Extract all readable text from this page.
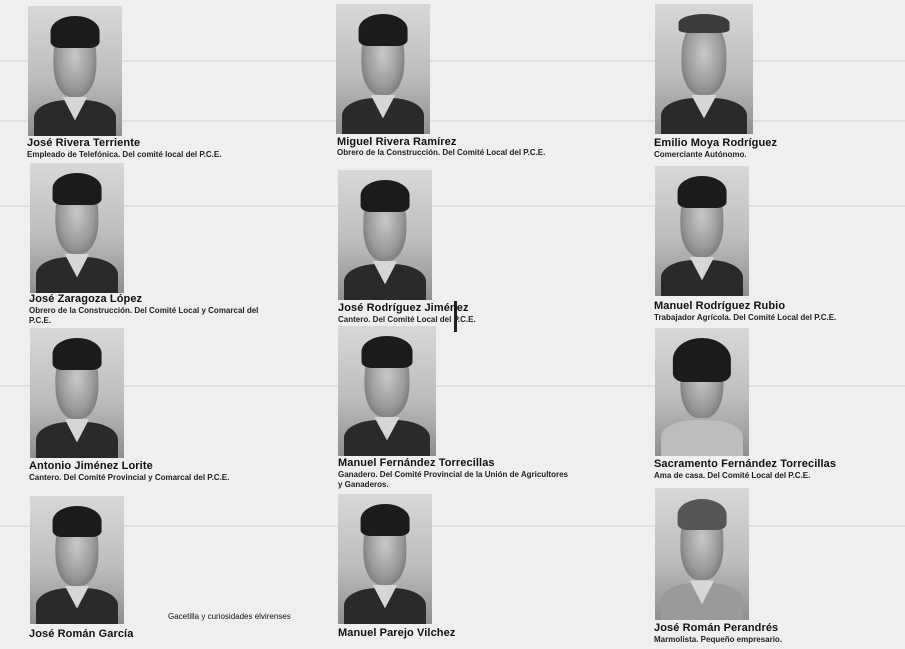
José Rivera Terriente
Empleado de Telefónica. Del comité local del P.C.E.
Miguel Rivera Ramírez
Obrero de la Construcción. Del Comité Local del P.C.E.
Emilio Moya Rodríguez
Comerciante Autónomo.
José Zaragoza López
Obrero de la Construcción. Del Comité Local y Comarcal del P.C.E.
José Rodríguez Jiménez
Cantero. Del Comité Local del P.C.E.
Manuel Rodríguez Rubio
Trabajador Agrícola. Del Comité Local del P.C.E.
Antonio Jiménez Lorite
Cantero. Del Comité Provincial y Comarcal del P.C.E.
Manuel Fernández Torrecillas
Ganadero. Del Comité Provincial de la Unión de Agricultores y Ganaderos.
Sacramento Fernández Torrecillas
Ama de casa. Del Comité Local del P.C.E.
José Román García	Manuel Parejo Vilchez	José Román Perandrés
Marmolista. Pequeño empresario.
Gacetilla y curiosidades elvirenses
